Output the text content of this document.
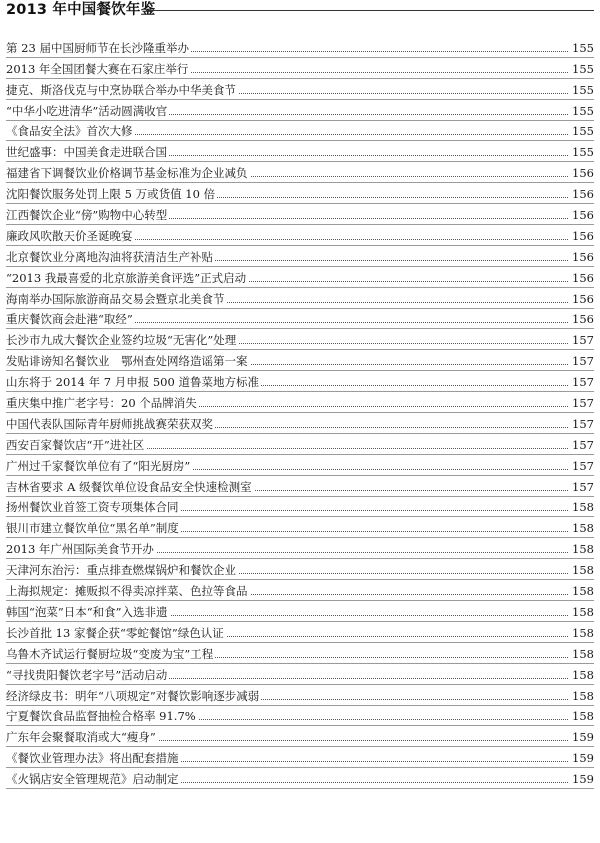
2013 年中国餐饮年鉴
第 23 届中国厨师节在长沙隆重举办	155
2013 年全国团餐大赛在石家庄举行	155
捷克、斯洛伐克与中烹协联合举办中华美食节	155
“中华小吃进清华”活动圆满收官	155
《食品安全法》首次大修	155
世纪盛事：中国美食走进联合国	155
福建省下调餐饮业价格调节基金标准为企业减负	156
沈阳餐饮服务处罚上限 5 万或货值 10 倍	156
江西餐饮企业“傍”购物中心转型	156
廉政风吹散天价圣诞晚宴	156
北京餐饮业分离地沟油将获清洁生产补贴	156
“2013 我最喜爱的北京旅游美食评选”正式启动	156
海南举办国际旅游商品交易会暨京北美食节	156
重庆餐饮商会赴港“取经”	156
长沙市九成大餐饮企业签约垃圾“无害化”处理	157
发贴诽谤知名餐饮业　鄂州查处网络造谣第一案	157
山东将于 2014 年 7 月申报 500 道鲁菜地方标准	157
重庆集中推广老字号：20 个品牌消失	157
中国代表队国际青年厨师挑战赛荣获双奖	157
西安百家餐饮店“开”进社区	157
广州过千家餐饮单位有了“阳光厨房”	157
吉林省要求 A 级餐饮单位设食品安全快速检测室	157
扬州餐饮业首签工资专项集体合同	158
银川市建立餐饮单位“黑名单”制度	158
2013 年广州国际美食节开办	158
天津河东治污：重点排查燃煤锅炉和餐饮企业	158
上海拟规定：摊贩拟不得卖凉拌菜、色拉等食品	158
韩国“泡菜”日本“和食”入选非遗	158
长沙首批 13 家餐企获“零蛇餐馆”绿色认证	158
乌鲁木齐试运行餐厨垃圾“变废为宝”工程	158
“寻找贵阳餐饮老字号”活动启动	158
经济绿皮书：明年“八项规定”对餐饮影响逐步减弱	158
宁夏餐饮食品监督抽检合格率 91.7%	158
广东年会聚餐取消或大“瘦身”	159
《餐饮业管理办法》将出配套措施	159
《火锅店安全管理规范》启动制定	159
